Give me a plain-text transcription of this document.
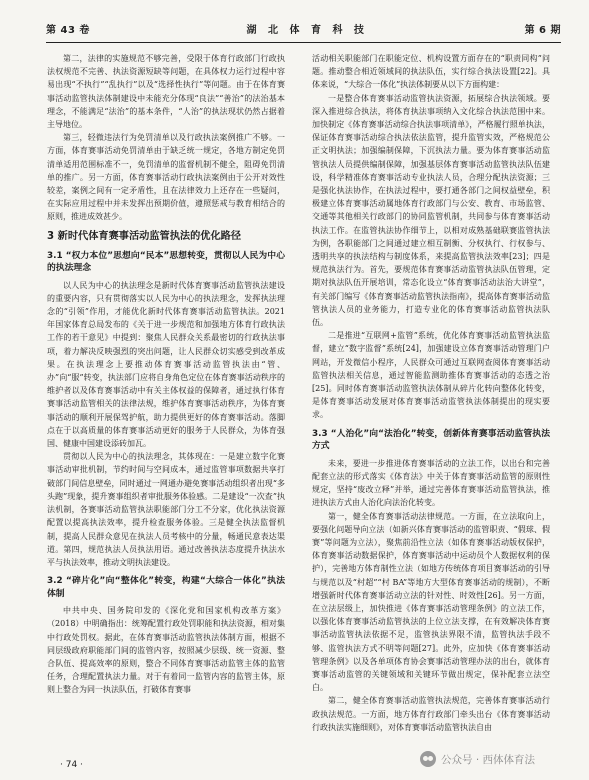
第 43 卷	湖 北 体 育 科 技	第 6 期

第二，法律的实施规范不够完善，受限于体育行政部门行政执法权规范不完善、执法资源短缺等问题，在具体权力运行过程中容易出现“不执行”“乱执行”以及“选择性执行”等问题。由于在体育赛事活动监管执法体制建设中未能充分体现“良法”“善治”的法治基本理念，不能满足“法治”的基本条件，“人治”的执法现状仍然占据着主导地位。

第三，轻微违法行为免罚清单以及行政执法案例推广不够。一方面，体育赛事活动免罚清单由于缺乏统一规定，各地方制定免罚清单适用范围标准不一，免罚清单的监督机制不健全，阻碍免罚清单的推广。另一方面，体育赛事活动行政执法案例由于公开对效性较差，案例之间有一定矛盾性，且在法律效力上还存在一些疑问，在实际应用过程中并未发挥出预期价值，遵照惩戒与教育相结合的原则，推进成效甚少。

3 新时代体育赛事活动监管执法的优化路径
3.1 “权力本位”思想向“民本”思想转变，贯彻以人民为中心的执法理念

以人民为中心的执法理念是新时代体育赛事活动监管执法建设的重要内容，只有贯彻落实以人民为中心的执法理念，发挥执法理念的“引领”作用，才能优化新时代体育赛事活动监管执法。2021 年国家体育总局发布的《关于进一步规范和加强地方体育行政执法工作的若干意见》中提到：聚焦人民群众关系最密切的行政执法事项，着力解决反映强烈的突出问题，让人民群众切实感受到改革成果。在执法理念上要推动体育赛事活动监管执法由“管、办”向“服”转变，执法部门应将自身角色定位在体育赛事活动秩序的维护者以及体育赛事活动中有关主体权益的保障者，通过执行体育赛事活动监管相关的法律法规，维护体育赛事活动秩序，为体育赛事活动的顺利开展保驾护航，助力提供更好的体育赛事活动。落脚点在于以高质量的体育赛事活动更好的服务于人民群众，为体育强国、健康中国建设添砖加瓦。

贯彻以人民为中心的执法理念，其体现在：一是建立数字化赛事活动审批机制，节约时间与空间成本，通过监管事项数据共享打破部门间信息壁垒，同时通过一网通办避免赛事活动组织者出现“多头跑”现象，提升赛事组织者审批服务体验感。二是建设“一次查”执法机制，各赛事活动监管执法职能部门分工不分家，优化执法资源配置以提高执法效率，提升检查服务体验。三是健全执法监督机制，提高人民群众意见在执法人员考核中的分量，畅通民意表达渠道。第四，规范执法人员执法用语。通过改善执法态度提升执法水平与执法效率，推动文明执法建设。

3.2 “碎片化”向“整体化”转变，构建“大综合一体化”执法体制

中共中央、国务院印发的《深化党和国家机构改革方案》（2018）中明确指出：统筹配置行政处罚职能和执法资源，相对集中行政处罚权。据此，在体育赛事活动监管执法体制方面，根据不同层级政府职能部门间的监管内容，按照减少层级、统一资源、整合队伍、提高效率的原则，整合不同体育赛事活动监管主体的监管任务，合理配置执法力量。对于有着同一监管内容的监管主体，原则上整合为同一执法队伍，打破体育赛事

活动相关职能部门在职能定位、机构设置方面存在的“职责同构”问题。推动整合相近领域间的执法队伍，实行综合执法设置[22]。具体来说，“大综合一体化”执法体制要从以下方面构建：

一是整合体育赛事活动监管执法资源，拓展综合执法领域。要深入推进综合执法，将体育执法事项纳入文化综合执法范围中来。加快制定《体育赛事活动综合执法事项清单》，严格履行照单执法，保证体育赛事活动综合执法依法监管，提升监管实效，严格规范公正文明执法；加强编制保障，下沉执法力量。要为体育赛事活动监管执法人员提供编制保障，加强基层体育赛事活动监管执法队伍建设，科学精准体育赛事活动专业执法人员，合理分配执法资源；三是强化执法协作，在执法过程中，要打通各部门之间权益壁垒，积极建立体育赛事活动属地体育行政部门与公安、教育、市场监管、交通等其他相关行政部门的协同监管机制，共同参与体育赛事活动执法工作。在监管执法协作细节上，以相对成熟基础联赛监管执法为例，各职能部门之间通过建立相互制衡、分权执行、行权参与、透明共享的执法结构与制度体系，来提高监管执法效率[23]；四是规范执法行为。首先，要规范体育赛事活动监管执法队伍管理，定期对执法队伍开展培训，常态化设立“体育赛事活动法治大讲堂”，有关部门编写《体育赛事活动监管执法指南》，提高体育赛事活动监管执法人员的业务能力，打造专业化的体育赛事活动监管执法队伍。

二是推进“互联网+监管”系统，优化体育赛事活动监管执法监督，建立“数字监督”系统[24]，加强建设立体育赛事活动管理门户网站，开发微信小程序，人民群众可通过互联网查阅体育赛事活动监管执法相关信息，通过智能监测助推体育赛事活动的态透之治[25]。同时体育赛事活动监管执法体制从碎片化转向整体化转变，是体育赛事活动发展对体育赛事活动监管执法体制提出的现实要求。

3.3 “人治化”向“法治化”转变，创新体育赛事活动监管执法方式

未来，要进一步推进体育赛事活动的立法工作，以出台和完善配套立法的形式落实《体育法》中关于体育赛事活动监管的原则性规定，坚持“废改立释”并举，通过完善体育赛事活动监管执法，推进执法方式由人治化向法治化转变。

第一，健全体育赛事活动法律规范。一方面，在立法取向上，要强化问题导向立法（如新兴体育赛事活动的监管职责、“假球、假赛”等问题为立法），聚焦前沿性立法（如体育赛事活动版权保护，体育赛事活动数据保护，体育赛事活动中运动员个人数据权利的保护），完善地方体育制性立法（如地方传统体育项目赛事活动的引导与规范以及“村超”“村 BA”等地方大型体育赛事活动的规制），不断增强新时代体育赛事活动立法的针对性、时效性[26]。另一方面，在立法层级上，加快推进《体育赛事活动管理条例》的立法工作，以强化体育赛事活动监管执法的上位立法支撑，在有效解决体育赛事活动监管执法依据不足，监管执法界限不清，监管执法手段不够、监管执法方式不明等问题[27]。此外，应加快《体育赛事活动管理条例》以及各单项体育协会赛事活动管理办法的出台，就体育赛事活动监管的关键领域和关键环节做出规定，保补配套立法空白。

第二，健全体育赛事活动监管执法规范，完善体育赛事活动行政执法规范。一方面，地方体育行政部门牵头出台《体育赛事活动行政执法实施细则》，对体育赛事活动监管执法自由

· 74 ·	公众号 · 西体体育法
